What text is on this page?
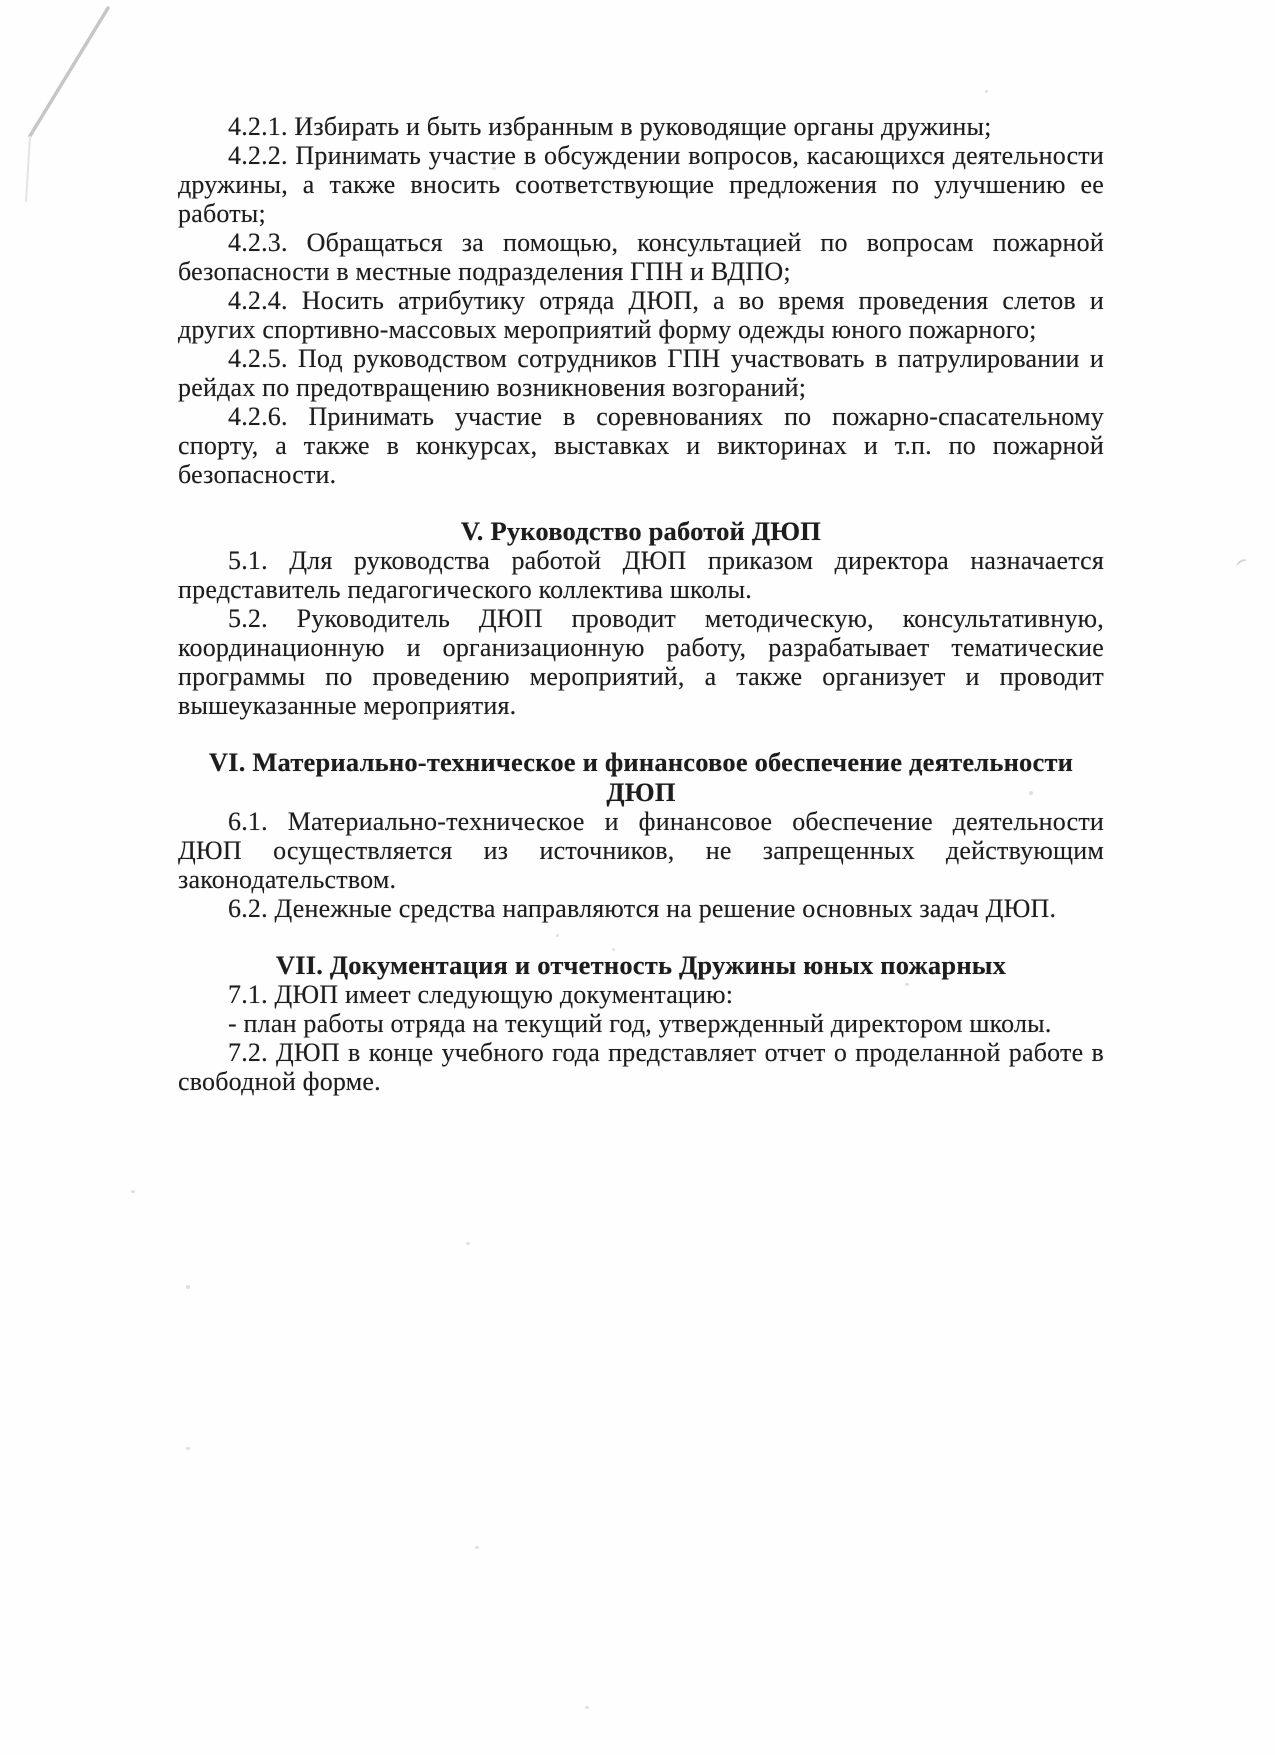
4.2.1. Избирать и быть избранным в руководящие органы дружины;

4.2.2. Принимать участие в обсуждении вопросов, касающихся деятельности дружины, а также вносить соответствующие предложения по улучшению ее работы;

4.2.3. Обращаться за помощью, консультацией по вопросам пожарной безопасности в местные подразделения ГПН и ВДПО;

4.2.4. Носить атрибутику отряда ДЮП, а во время проведения слетов и других спортивно-массовых мероприятий форму одежды юного пожарного;

4.2.5. Под руководством сотрудников ГПН участвовать в патрулировании и рейдах по предотвращению возникновения возгораний;

4.2.6. Принимать участие в соревнованиях по пожарно-спасательному спорту, а также в конкурсах, выставках и викторинах и т.п. по пожарной безопасности.

V. Руководство работой ДЮП

5.1. Для руководства работой ДЮП приказом директора назначается представитель педагогического коллектива школы.

5.2. Руководитель ДЮП проводит методическую, консультативную, координационную и организационную работу, разрабатывает тематические программы по проведению мероприятий, а также организует и проводит вышеуказанные мероприятия.

VI. Материально-техническое и финансовое обеспечение деятельности ДЮП

6.1. Материально-техническое и финансовое обеспечение деятельности ДЮП осуществляется из источников, не запрещенных действующим законодательством.

6.2. Денежные средства направляются на решение основных задач ДЮП.

VII. Документация и отчетность Дружины юных пожарных

7.1. ДЮП имеет следующую документацию:

- план работы отряда на текущий год, утвержденный директором школы.

7.2. ДЮП в конце учебного года представляет отчет о проделанной работе в свободной форме.
